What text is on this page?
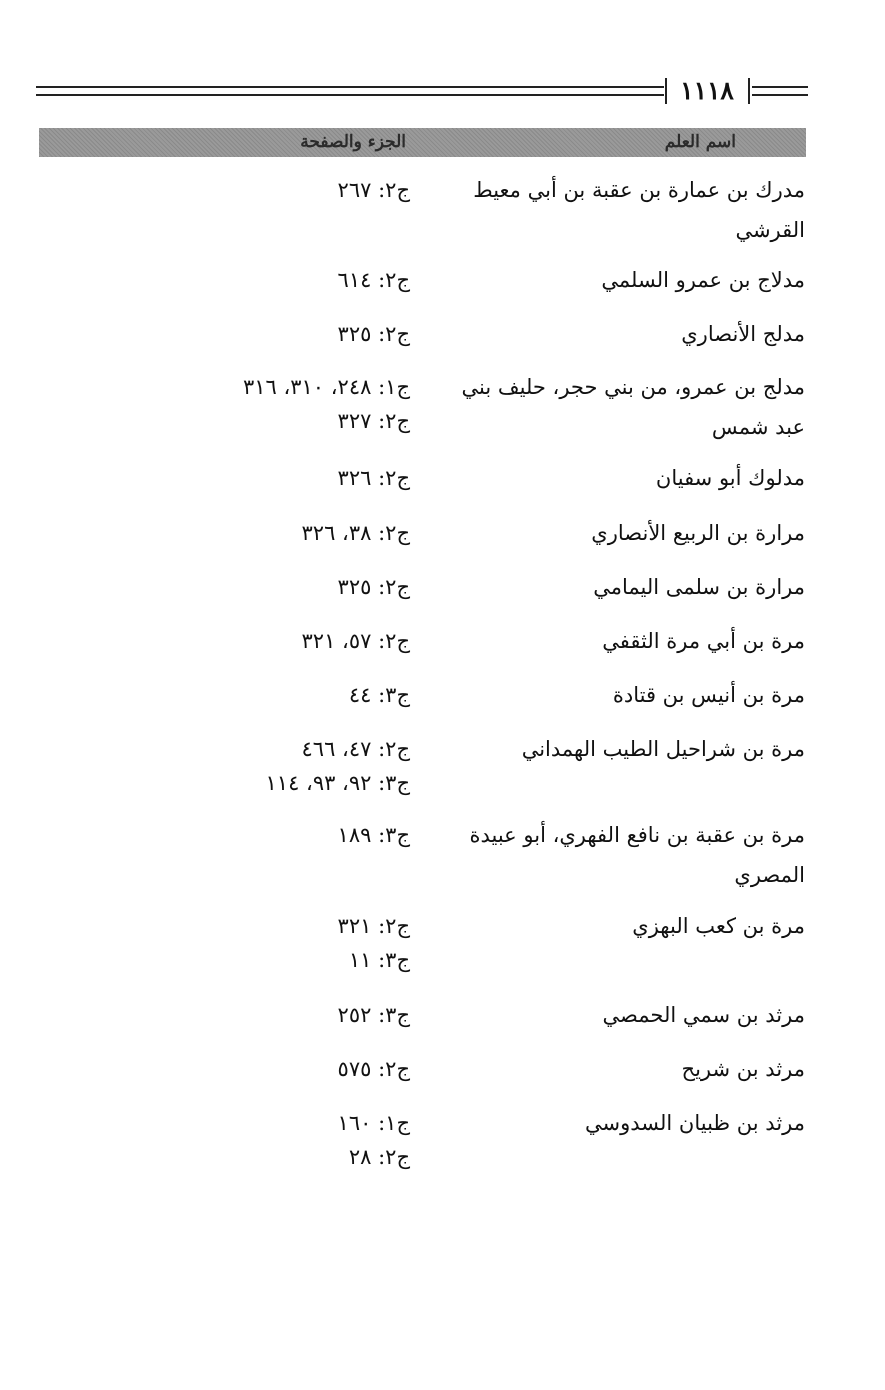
١١١٨
اسم العلم
الجزء والصفحة
مدرك بن عمارة بن عقبة بن أبي معيط
القرشي
ج٢: ٢٦٧
مدلاج بن عمرو السلمي
ج٢: ٦١٤
مدلج الأنصاري
ج٢: ٣٢٥
مدلج بن عمرو، من بني حجر، حليف بني
عبد شمس
ج١: ٢٤٨، ٣١٠، ٣١٦
ج٢: ٣٢٧
مدلوك أبو سفيان
ج٢: ٣٢٦
مرارة بن الربيع الأنصاري
ج٢: ٣٨، ٣٢٦
مرارة بن سلمى اليمامي
ج٢: ٣٢٥
مرة بن أبي مرة الثقفي
ج٢: ٥٧، ٣٢١
مرة بن أنيس بن قتادة
ج٣: ٤٤
مرة بن شراحيل الطيب الهمداني
ج٢: ٤٧، ٤٦٦
ج٣: ٩٢، ٩٣، ١١٤
مرة بن عقبة بن نافع الفهري، أبو عبيدة
المصري
ج٣: ١٨٩
مرة بن كعب البهزي
ج٢: ٣٢١
ج٣: ١١
مرثد بن سمي الحمصي
ج٣: ٢٥٢
مرثد بن شريح
ج٢: ٥٧٥
مرثد بن ظبيان السدوسي
ج١: ١٦٠
ج٢: ٢٨
